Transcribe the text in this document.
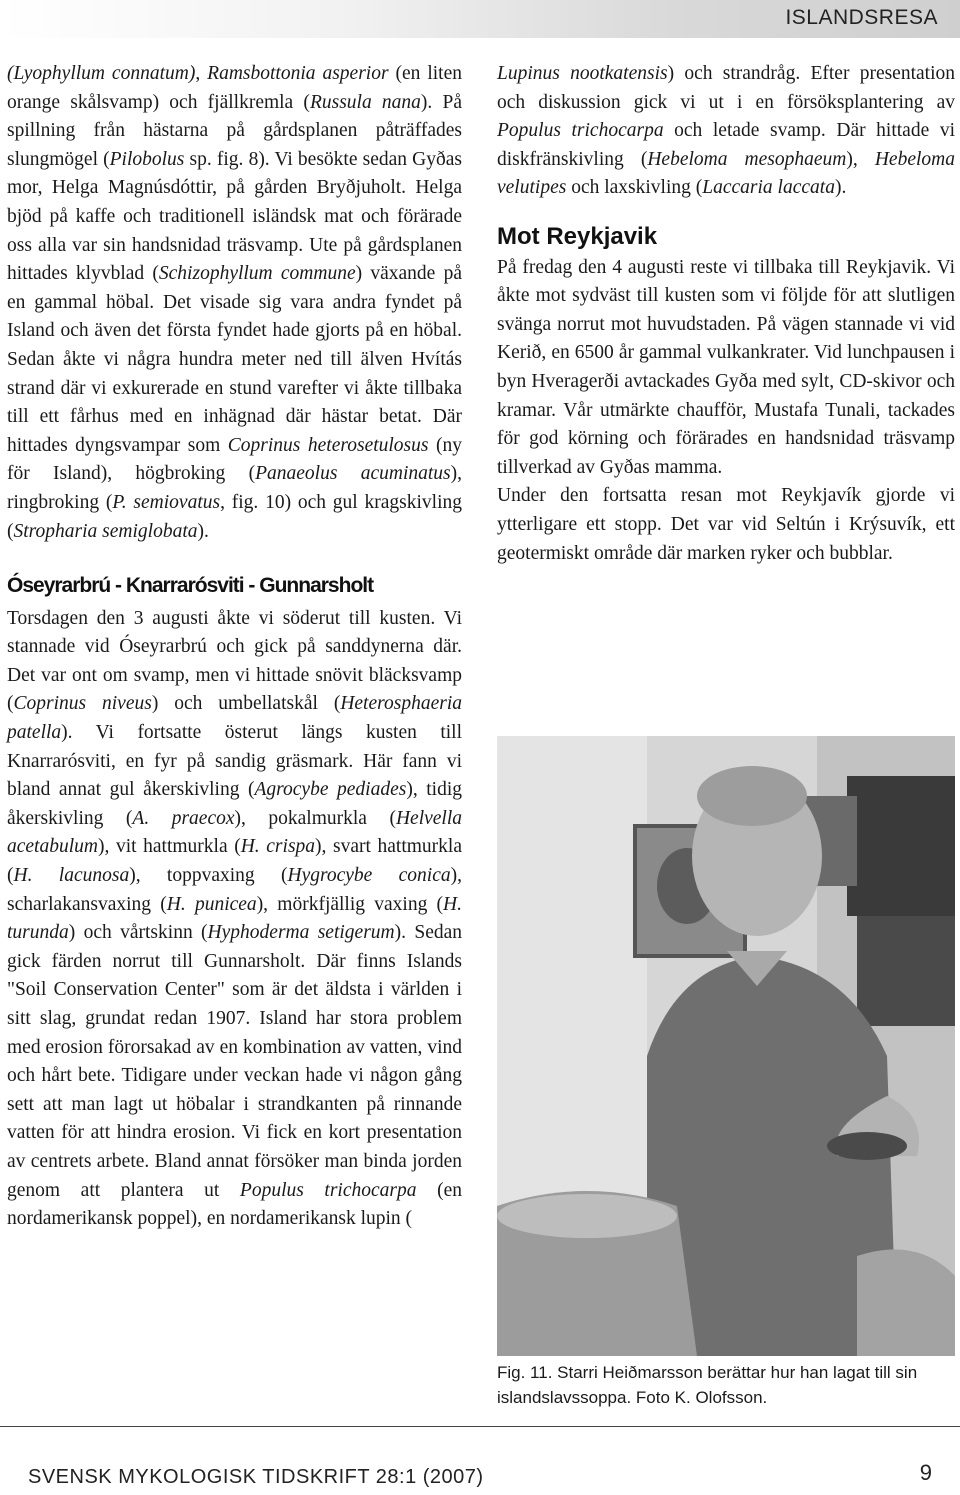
ISLANDSRESA

(Lyophyllum connatum), Ramsbottonia asperior (en liten orange skålsvamp) och fjällkremla (Russula nana). På spillning från hästarna på gårdsplanen påträffades slungmögel (Pilobolus sp. fig. 8). Vi besökte sedan Gyðas mor, Helga Magnúsdóttir, på gården Bryðjuholt. Helga bjöd på kaffe och traditionell isländsk mat och förärade oss alla var sin handsnidad träsvamp. Ute på gårdsplanen hittades klyvblad (Schizophyllum commune) växande på en gammal höbal. Det visade sig vara andra fyndet på Island och även det första fyndet hade gjorts på en höbal. Sedan åkte vi några hundra meter ned till älven Hvítás strand där vi exkurerade en stund varefter vi åkte tillbaka till ett fårhus med en inhägnad där hästar betat. Där hittades dyngsvampar som Coprinus heterosetulosus (ny för Island), högbroking (Panaeolus acuminatus), ringbroking (P. semiovatus, fig. 10) och gul kragskivling (Stropharia semiglobata).

Óseyrarbrú - Knarrarósviti - Gunnarsholt

Torsdagen den 3 augusti åkte vi söderut till kusten. Vi stannade vid Óseyrarbrú och gick på sanddynerna där. Det var ont om svamp, men vi hittade snövit bläcksvamp (Coprinus niveus) och umbellatskål (Heterosphaeria patella). Vi fortsatte österut längs kusten till Knarrarósviti, en fyr på sandig gräsmark. Här fann vi bland annat gul åkerskivling (Agrocybe pediades), tidig åkerskivling (A. praecox), pokalmurkla (Helvella acetabulum), vit hattmurkla (H. crispa), svart hattmurkla (H. lacunosa), toppvaxing (Hygrocybe conica), scharlakansvaxing (H. punicea), mörkfjällig vaxing (H. turunda) och vårtskinn (Hyphoderma setigerum). Sedan gick färden norrut till Gunnarsholt. Där finns Islands "Soil Conservation Center" som är det äldsta i världen i sitt slag, grundat redan 1907. Island har stora problem med erosion förorsakad av en kombination av vatten, vind och hårt bete. Tidigare under veckan hade vi någon gång sett att man lagt ut höbalar i strandkanten på rinnande vatten för att hindra erosion. Vi fick en kort presentation av centrets arbete. Bland annat försöker man binda jorden genom att plantera ut Populus trichocarpa (en nordamerikansk poppel), en nordamerikansk lupin (

Lupinus nootkatensis) och strandråg. Efter presentation och diskussion gick vi ut i en försöksplantering av Populus trichocarpa och letade svamp. Där hittade vi diskfränskivling (Hebeloma mesophaeum), Hebeloma velutipes och laxskivling (Laccaria laccata).

Mot Reykjavik

På fredag den 4 augusti reste vi tillbaka till Reykjavik. Vi åkte mot sydväst till kusten som vi följde för att slutligen svänga norrut mot huvudstaden. På vägen stannade vi vid Kerið, en 6500 år gammal vulkankrater. Vid lunchpausen i byn Hveragerði avtackades Gyða med sylt, CD-skivor och kramar. Vår utmärkte chaufför, Mustafa Tunali, tackades för god körning och förärades en handsnidad träsvamp tillverkad av Gyðas mamma.

Under den fortsatta resan mot Reykjavík gjorde vi ytterligare ett stopp. Det var vid Seltún i Krýsuvík, ett geotermiskt område där marken ryker och bubblar.

Fig. 11. Starri Heiðmarsson berättar hur han lagat till sin islandslavssoppa. Foto K. Olofsson.
SVENSK MYKOLOGISK TIDSKRIFT 28:1 (2007)	9
